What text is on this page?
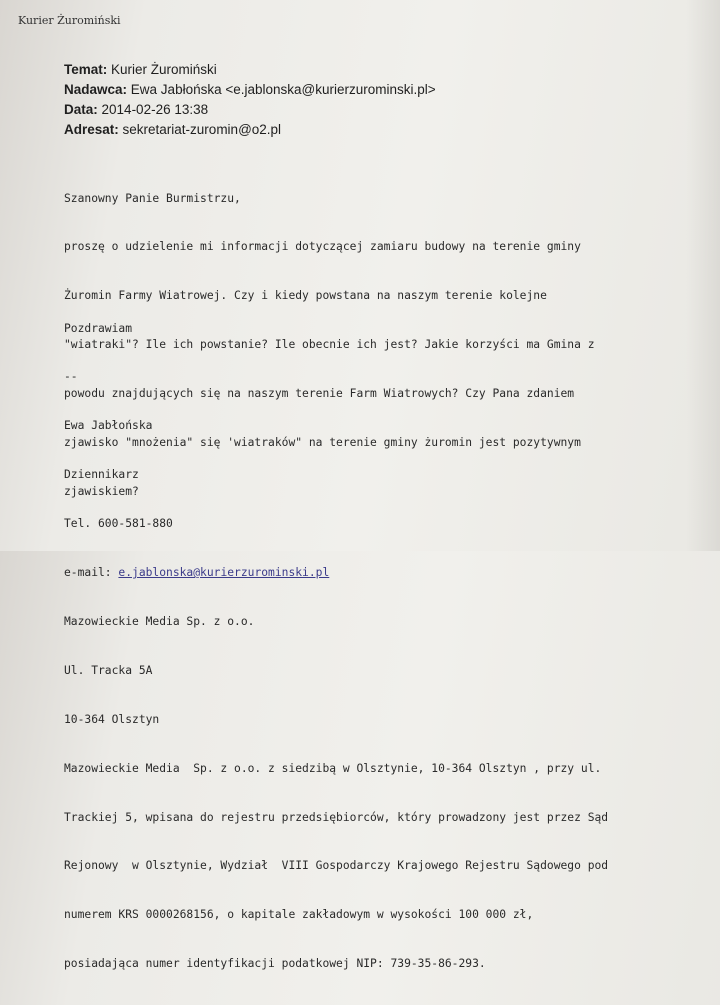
Kurier Żuromiński
Temat: Kurier Żuromiński
Nadawca: Ewa Jabłońska <e.jablonska@kurierzurominski.pl>
Data: 2014-02-26 13:38
Adresat: sekretariat-zuromin@o2.pl

Szanowny Panie Burmistrzu,

proszę o udzielenie mi informacji dotyczącej zamiaru budowy na terenie gminy

Żuromin Farmy Wiatrowej. Czy i kiedy powstana na naszym terenie kolejne

"wiatraki"? Ile ich powstanie? Ile obecnie ich jest? Jakie korzyści ma Gmina z

powodu znajdujących się na naszym terenie Farm Wiatrowych? Czy Pana zdaniem

zjawisko "mnożenia" się 'wiatraków" na terenie gminy żuromin jest pozytywnym

zjawiskiem?

Pozdrawiam

--

Ewa Jabłońska

Dziennikarz

Tel. 600-581-880

e-mail: e.jablonska@kurierzurominski.pl

Mazowieckie Media Sp. z o.o.

Ul. Tracka 5A

10-364 Olsztyn

Mazowieckie Media  Sp. z o.o. z siedzibą w Olsztynie, 10-364 Olsztyn , przy ul.

Trackiej 5, wpisana do rejestru przedsiębiorców, który prowadzony jest przez Sąd

Rejonowy  w Olsztynie, Wydział  VIII Gospodarczy Krajowego Rejestru Sądowego pod

numerem KRS 0000268156, o kapitale zakładowym w wysokości 100 000 zł,

posiadająca numer identyfikacji podatkowej NIP: 739-35-86-293.
